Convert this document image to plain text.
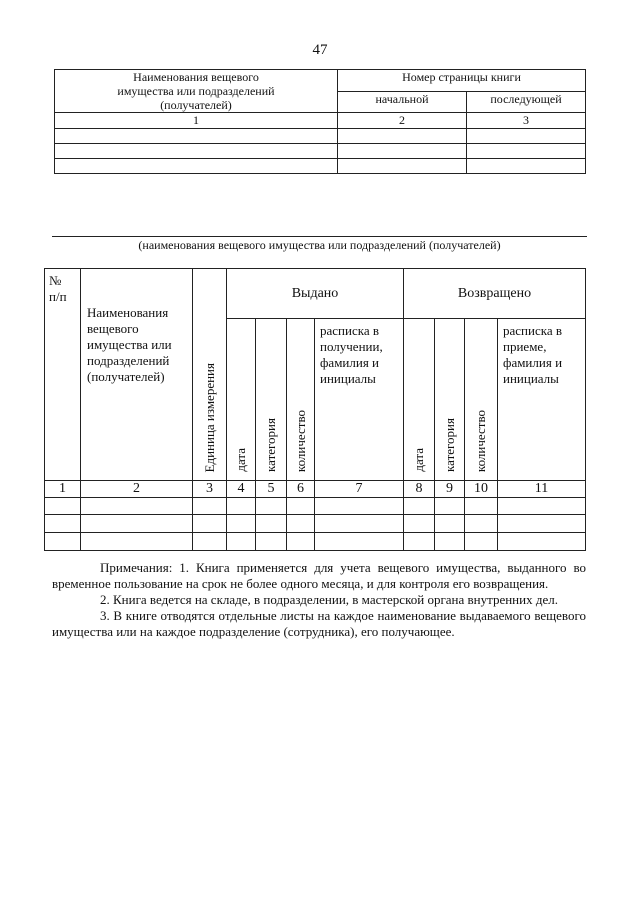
47
Наименования вещевого имущества или подразделений (получателей)	Номер страницы книги	
	начальной	последующей
1	2	3

(наименования вещевого имущества или подразделений (получателей)
№ п/п	Наименования вещевого имущества или подразделений (получателей)	Единица измерения	Выдано				Возвращено			
			дата	категория	количество	расписка в получении, фамилия и инициалы	дата	категория	количество	расписка в приеме, фамилия и инициалы
1	2	3	4	5	6	7	8	9	10	11

Примечания: 1. Книга применяется для учета вещевого имущества, выданного во временное пользование на срок не более одного месяца, и для контроля его возвращения.

2. Книга ведется на складе, в подразделении, в мастерской органа внутренних дел.

3. В книге отводятся отдельные листы на каждое наименование выдаваемого вещевого имущества или на каждое подразделение (сотрудника), его получающее.
